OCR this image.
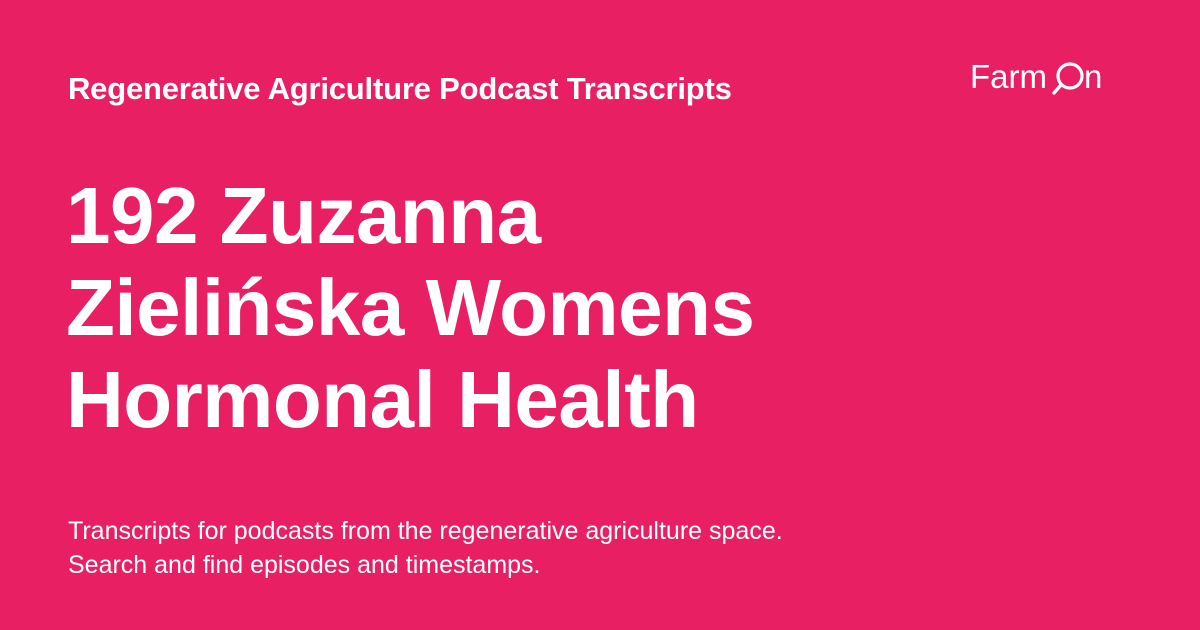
Regenerative Agriculture Podcast Transcripts	Farm n
192 Zuzanna
Zielińska Womens
Hormonal Health
Transcripts for podcasts from the regenerative agriculture space.
Search and find episodes and timestamps.
